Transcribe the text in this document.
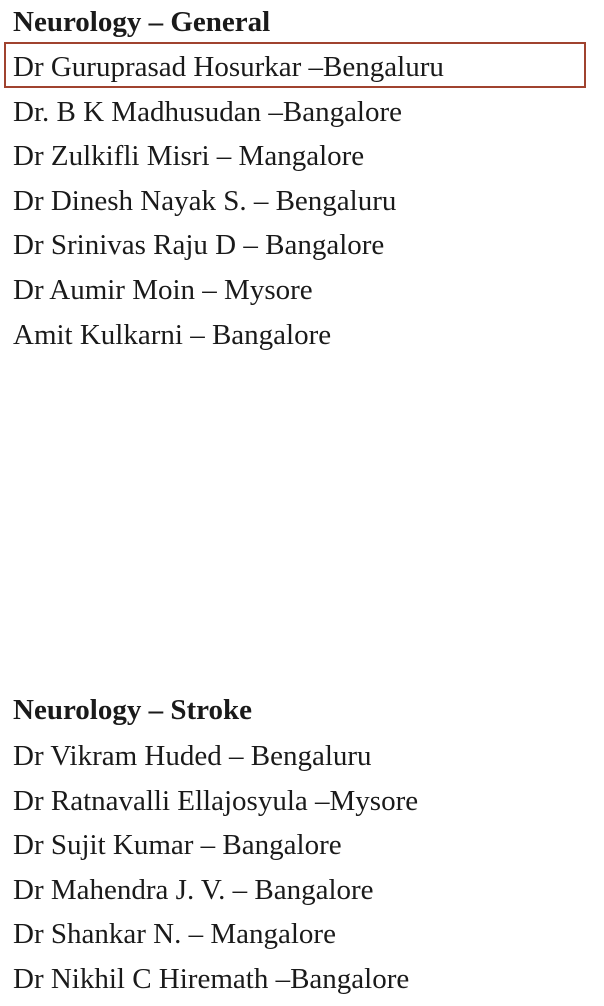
Neurology – General
Dr Guruprasad Hosurkar –Bengaluru
Dr. B K Madhusudan –Bangalore
Dr Zulkifli Misri – Mangalore
Dr Dinesh Nayak S. – Bengaluru
Dr Srinivas Raju D – Bangalore
Dr Aumir Moin – Mysore
Amit Kulkarni – Bangalore
Neurology – Stroke
Dr Vikram Huded – Bengaluru
Dr Ratnavalli Ellajosyula –Mysore
Dr Sujit Kumar – Bangalore
Dr Mahendra J. V. – Bangalore
Dr Shankar N. – Mangalore
Dr Nikhil C Hiremath –Bangalore
